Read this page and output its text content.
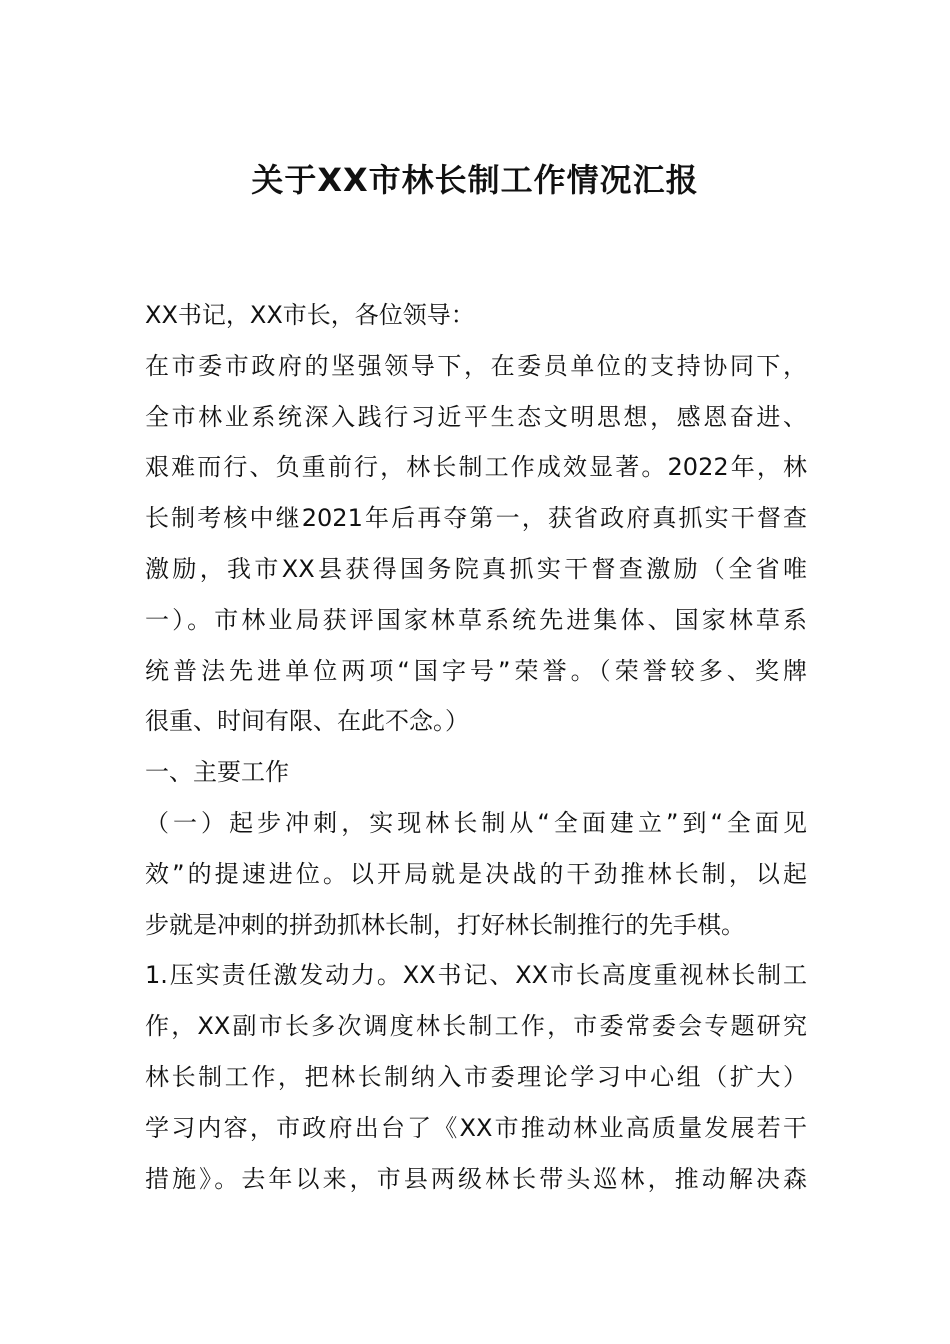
关于XX市林长制工作情况汇报

XX书记，XX市长，各位领导：

在市委市政府的坚强领导下，在委员单位的支持协同下，
全市林业系统深入践行习近平生态文明思想，感恩奋进、
艰难而行、负重前行，林长制工作成效显著。2022年，林
长制考核中继2021年后再夺第一，获省政府真抓实干督查
激励，我市XX县获得国务院真抓实干督查激励（全省唯
一）。市林业局获评国家林草系统先进集体、国家林草系
统普法先进单位两项“国字号”荣誉。（荣誉较多、奖牌
很重、时间有限、在此不念。）

一、主要工作

（一）起步冲刺，实现林长制从“全面建立”到“全面见
效”的提速进位。以开局就是决战的干劲推林长制，以起
步就是冲刺的拼劲抓林长制，打好林长制推行的先手棋。

1.压实责任激发动力。XX书记、XX市长高度重视林长制工
作，XX副市长多次调度林长制工作，市委常委会专题研究
林长制工作，把林长制纳入市委理论学习中心组（扩大）
学习内容，市政府出台了《XX市推动林业高质量发展若干
措施》。去年以来，市县两级林长带头巡林，推动解决森
